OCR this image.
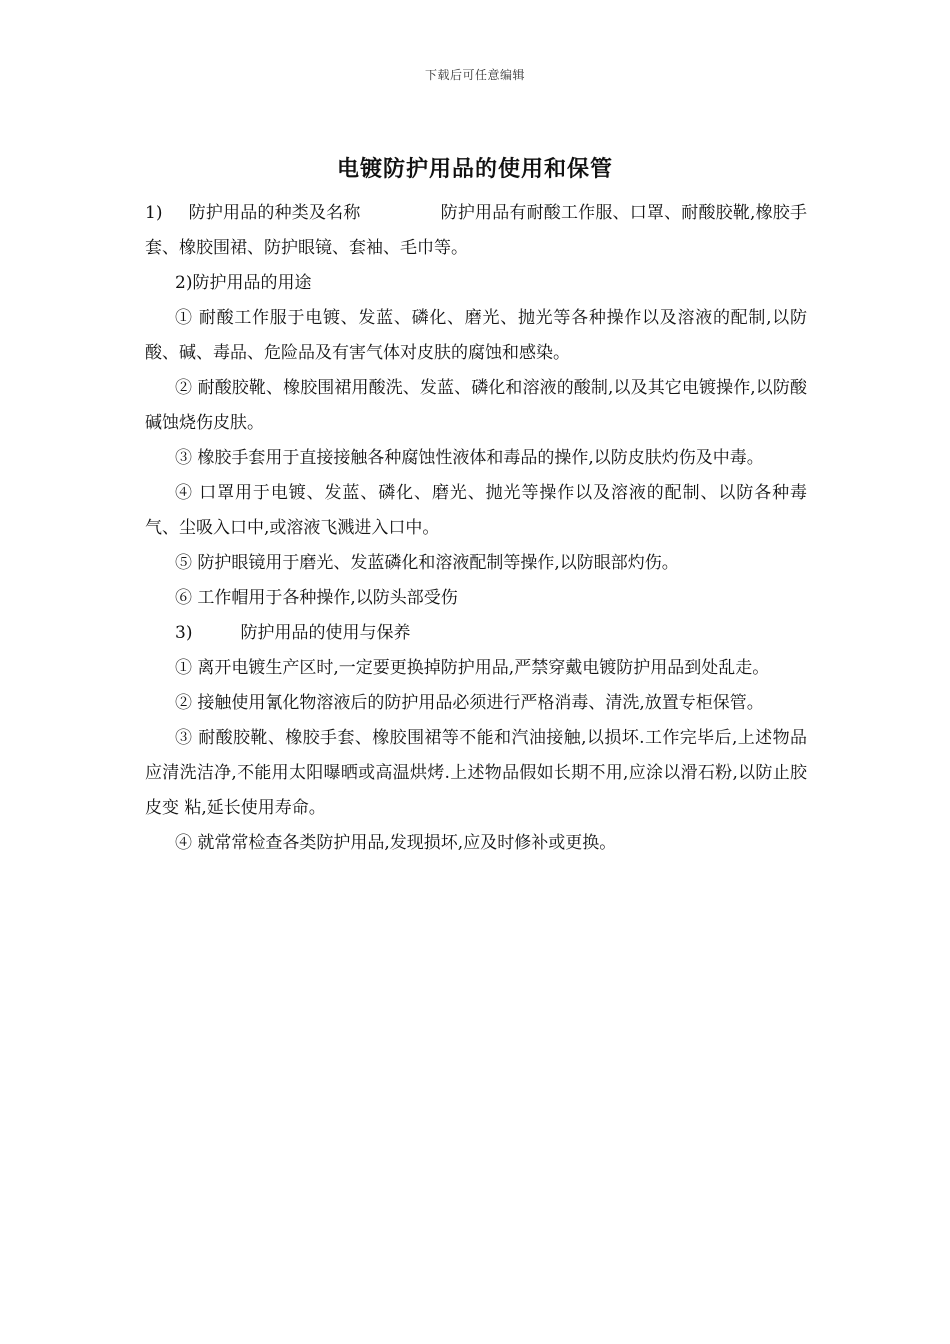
下载后可任意编辑
电镀防护用品的使用和保管

1) 防护用品的种类及名称	防护用品有耐酸工作服、口罩、耐酸胶靴,橡胶手套、橡胶围裙、防护眼镜、套袖、毛巾等。

2)防护用品的用途

① 耐酸工作服于电镀、发蓝、磷化、磨光、抛光等各种操作以及溶液的配制,以防酸、碱、毒品、危险品及有害气体对皮肤的腐蚀和感染。

② 耐酸胶靴、橡胶围裙用酸洗、发蓝、磷化和溶液的酸制,以及其它电镀操作,以防酸碱蚀烧伤皮肤。

③ 橡胶手套用于直接接触各种腐蚀性液体和毒品的操作,以防皮肤灼伤及中毒。

④ 口罩用于电镀、发蓝、磷化、磨光、抛光等操作以及溶液的配制、以防各种毒气、尘吸入口中,或溶液飞溅进入口中。

⑤ 防护眼镜用于磨光、发蓝磷化和溶液配制等操作,以防眼部灼伤。

⑥ 工作帽用于各种操作,以防头部受伤

3)	防护用品的使用与保养

① 离开电镀生产区时,一定要更换掉防护用品,严禁穿戴电镀防护用品到处乱走。

② 接触使用氰化物溶液后的防护用品必须进行严格消毒、清洗,放置专柜保管。

③ 耐酸胶靴、橡胶手套、橡胶围裙等不能和汽油接触,以损坏.工作完毕后,上述物品应清洗洁净,不能用太阳曝晒或高温烘烤.上述物品假如长期不用,应涂以滑石粉,以防止胶皮变 粘,延长使用寿命。

④ 就常常检查各类防护用品,发现损坏,应及时修补或更换。
